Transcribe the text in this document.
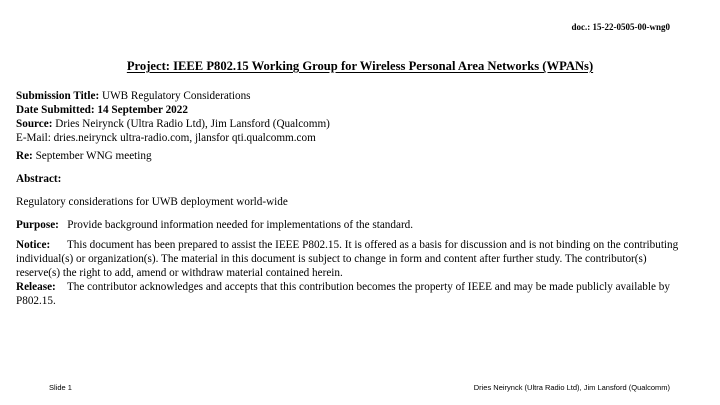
doc.: 15-22-0505-00-wng0
Project: IEEE P802.15 Working Group for Wireless Personal Area Networks (WPANs)
Submission Title: UWB Regulatory Considerations
Date Submitted: 14 September 2022
Source: Dries Neirynck (Ultra Radio Ltd), Jim Lansford (Qualcomm)
E-Mail: dries.neirynck ultra-radio.com, jlansfor qti.qualcomm.com
Re: September WNG meeting
Abstract:
Regulatory considerations for UWB deployment world-wide
Purpose: Provide background information needed for implementations of the standard.
Notice: This document has been prepared to assist the IEEE P802.15. It is offered as a basis for discussion and is not binding on the contributing individual(s) or organization(s). The material in this document is subject to change in form and content after further study. The contributor(s) reserve(s) the right to add, amend or withdraw material contained herein.
Release: The contributor acknowledges and accepts that this contribution becomes the property of IEEE and may be made publicly available by P802.15.
Slide 1	Dries Neirynck (Ultra Radio Ltd), Jim Lansford (Qualcomm)
